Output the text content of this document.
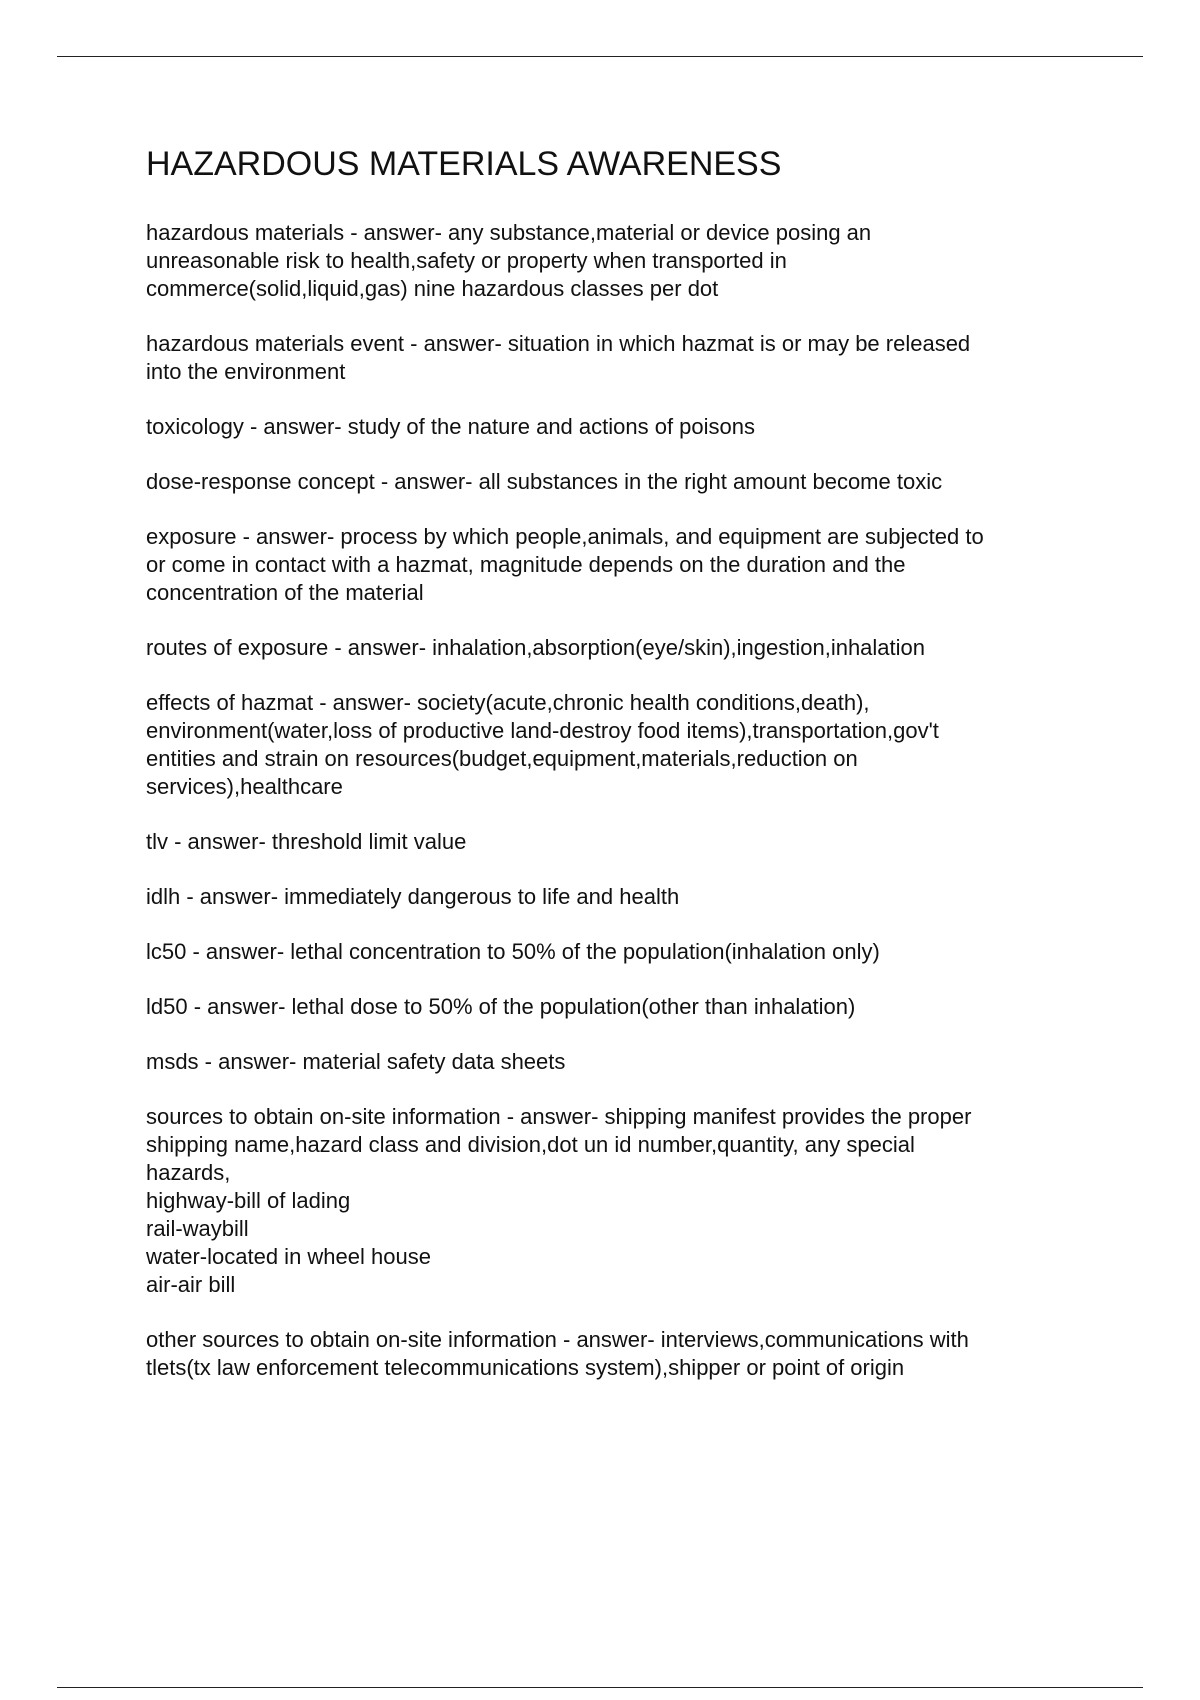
HAZARDOUS MATERIALS AWARENESS

hazardous materials - answer- any substance,material or device posing an
unreasonable risk to health,safety or property when transported in
commerce(solid,liquid,gas) nine hazardous classes per dot

hazardous materials event - answer- situation in which hazmat is or may be released
into the environment

toxicology - answer- study of the nature and actions of poisons

dose-response concept - answer- all substances in the right amount become toxic

exposure - answer- process by which people,animals, and equipment are subjected to
or come in contact with a hazmat, magnitude depends on the duration and the
concentration of the material

routes of exposure - answer- inhalation,absorption(eye/skin),ingestion,inhalation

effects of hazmat - answer- society(acute,chronic health conditions,death),
environment(water,loss of productive land-destroy food items),transportation,gov't
entities and strain on resources(budget,equipment,materials,reduction on
services),healthcare

tlv - answer- threshold limit value

idlh - answer- immediately dangerous to life and health

lc50 - answer- lethal concentration to 50% of the population(inhalation only)

ld50 - answer- lethal dose to 50% of the population(other than inhalation)

msds - answer- material safety data sheets

sources to obtain on-site information - answer- shipping manifest provides the proper
shipping name,hazard class and division,dot un id number,quantity, any special
hazards,
highway-bill of lading
rail-waybill
water-located in wheel house
air-air bill

other sources to obtain on-site information - answer- interviews,communications with
tlets(tx law enforcement telecommunications system),shipper or point of origin
